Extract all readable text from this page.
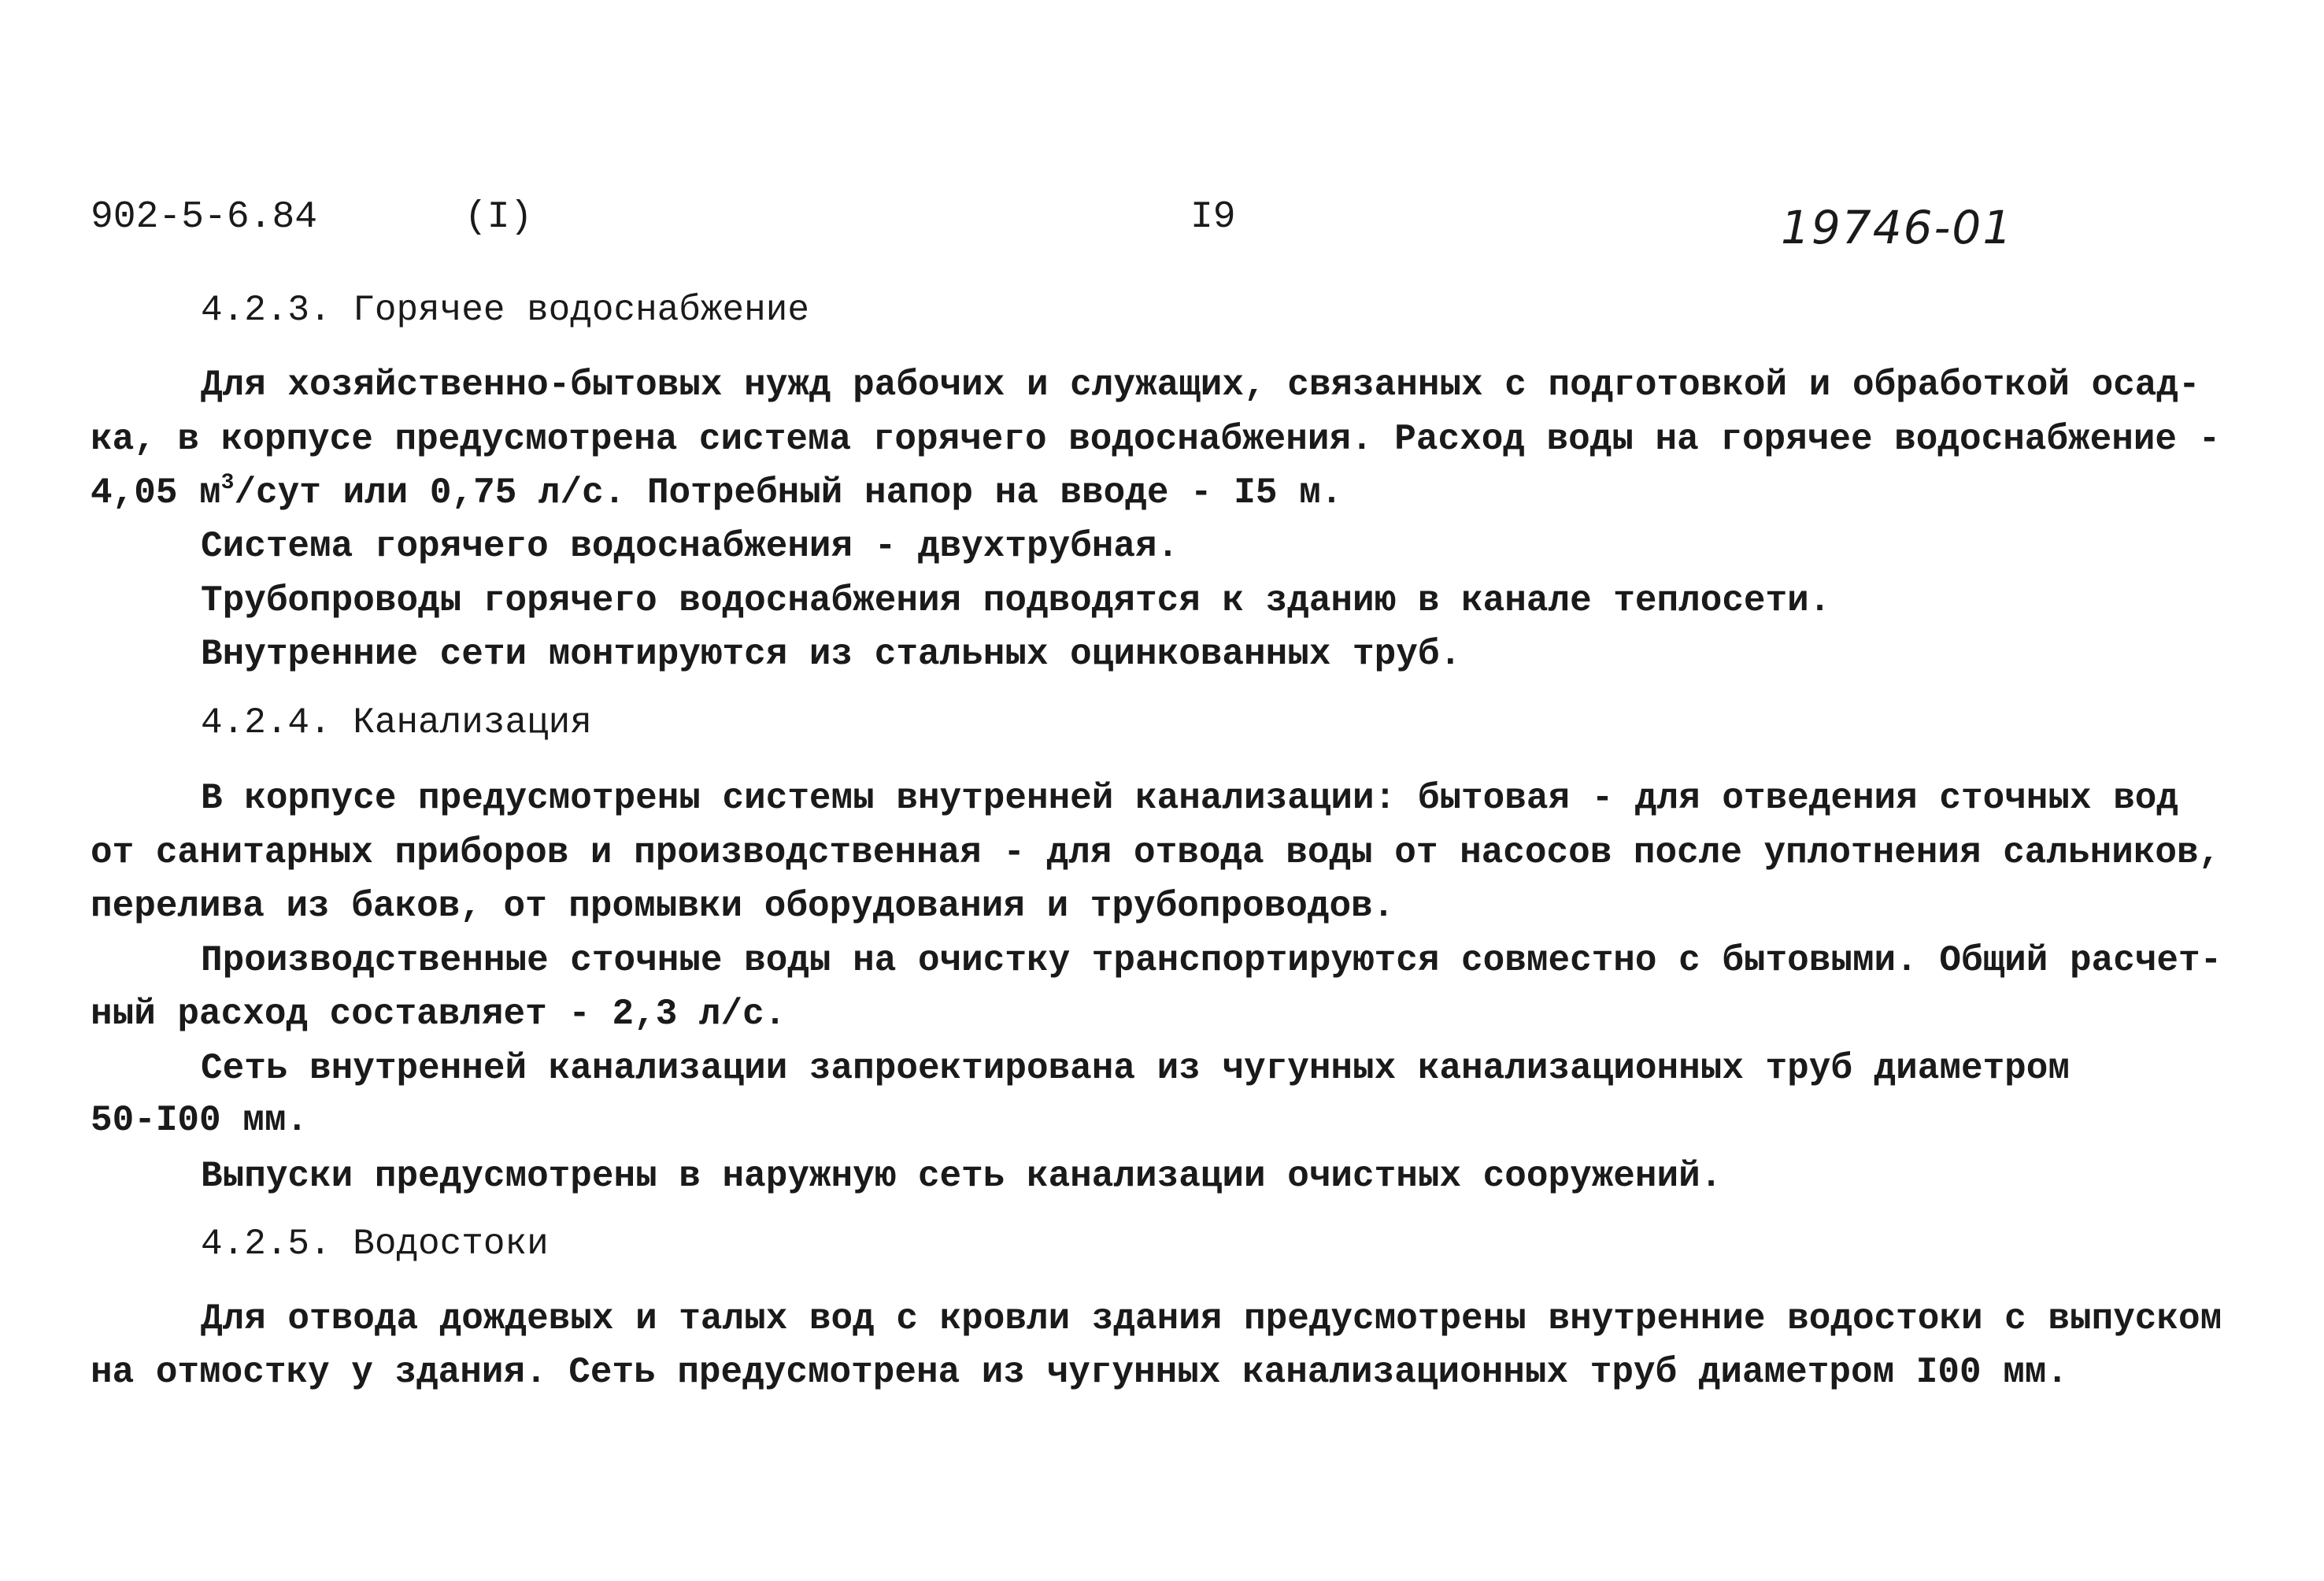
902-5-6.84	(I)	I9	19746-01
4.2.3. Горячее водоснабжение
Для хозяйственно-бытовых нужд рабочих и служащих, связанных с подготовкой и обработкой осад-
ка, в корпусе предусмотрена система горячего водоснабжения. Расход воды на горячее водоснабжение -
4,05 $м^3$/сут или 0,75 л/с. Потребный напор на вводе - I5 м.
Система горячего водоснабжения - двухтрубная.
Трубопроводы горячего водоснабжения подводятся к зданию в канале теплосети.
Внутренние сети монтируются из стальных оцинкованных труб.
4.2.4. Канализация
В корпусе предусмотрены системы внутренней канализации: бытовая - для отведения сточных вод
от санитарных приборов и производственная - для отвода воды от насосов после уплотнения сальников,
перелива из баков, от промывки оборудования и трубопроводов.
Производственные сточные воды на очистку транспортируются совместно с бытовыми. Общий расчет-
ный расход составляет - 2,3 л/с.
Сеть внутренней канализации запроектирована из чугунных канализационных труб диаметром
50-I00 мм.
Выпуски предусмотрены в наружную сеть канализации очистных сооружений.
4.2.5. Водостоки
Для отвода дождевых и талых вод с кровли здания предусмотрены внутренние водостоки с выпуском
на отмостку у здания. Сеть предусмотрена из чугунных канализационных труб диаметром I00 мм.
